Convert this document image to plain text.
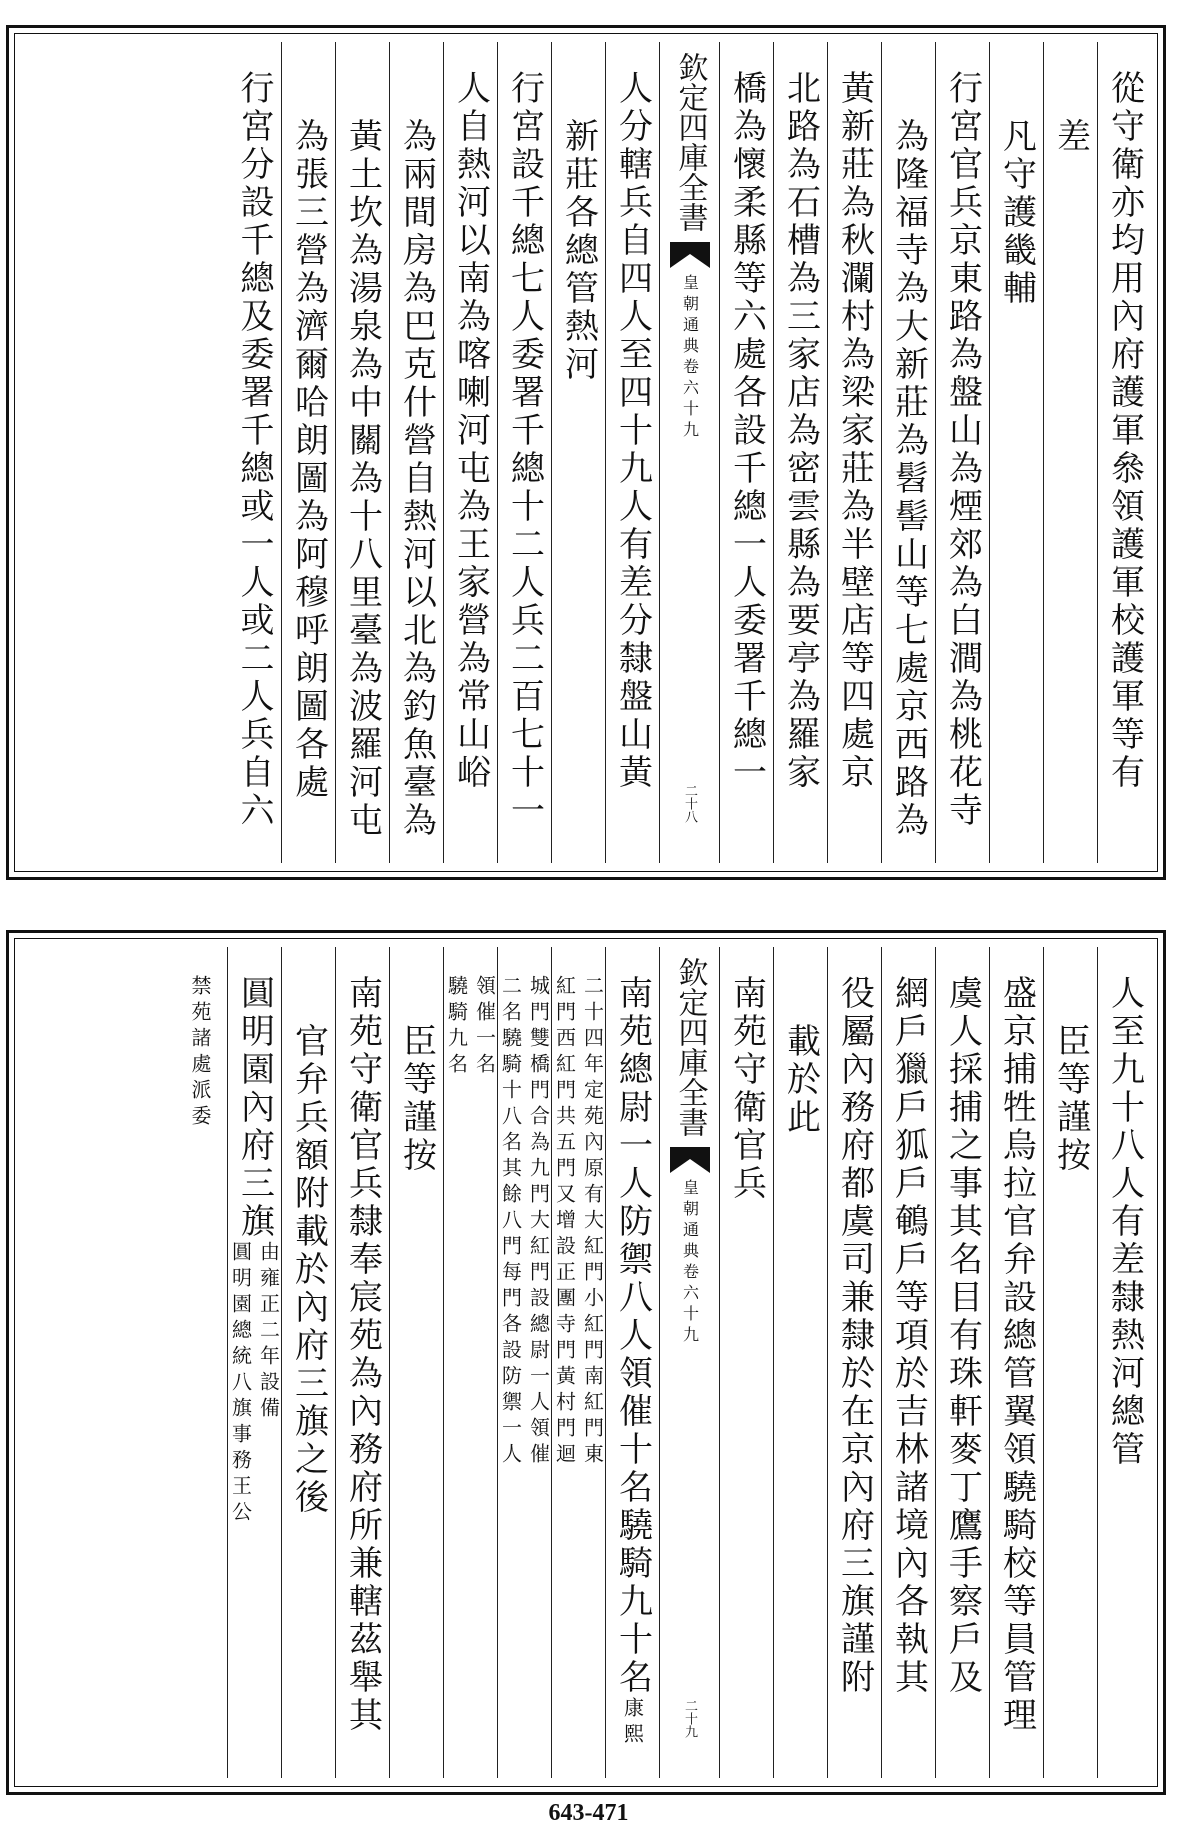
從守衛亦均用內府護軍叅領護軍校護軍等有
差
凡守護畿輔
行宮官兵京東路為盤山為煙郊為白澗為桃花寺
為隆福寺為大新莊為髫髻山等七處京西路為
黃新莊為秋瀾村為梁家莊為半壁店等四處京
北路為石槽為三家店為密雲縣為要亭為羅家
橋為懷柔縣等六處各設千總一人委署千總一
欽定四庫全書
皇朝通典
卷六十九
二十八
人分轄兵自四人至四十九人有差分隸盤山黃
新莊各總管熱河
行宮設千總七人委署千總十二人兵二百七十一
人自熱河以南為喀喇河屯為王家營為常山峪
為兩間房為巴克什營自熱河以北為釣魚臺為
黃土坎為湯泉為中關為十八里臺為波羅河屯
為張三營為濟爾哈朗圖為阿穆呼朗圖各處
行宮分設千總及委署千總或一人或二人兵自六
人至九十八人有差隸熱河總管
臣等謹按
盛京捕牲烏拉官弁設總管翼領驍騎校等員管理
虞人採捕之事其名目有珠軒麥丁鷹手察戶及
網戶獵戶狐戶鵪戶等項於吉林諸境內各執其
役屬內務府都虞司兼隸於在京內府三旗謹附
載於此
南苑守衛官兵
欽定四庫全書
皇朝通典
卷六十九
二十九
南苑總尉一人防禦八人領催十名驍騎九十名
康熙
二十四年定苑內原有大紅門小紅門南紅門東
紅門西紅門共五門又增設正團寺門黃村門迴
城門雙橋門合為九門大紅門設總尉一人領催
二名驍騎十八名其餘八門每門各設防禦一人
領催一名
驍騎九名
臣等謹按
南苑守衛官兵隸奉宸苑為內務府所兼轄茲舉其
官弁兵額附載於內府三旗之後
圓明園內府三旗
由雍正二年設備
圓明園總統八旗事務王公
禁苑諸處派委
643-471
